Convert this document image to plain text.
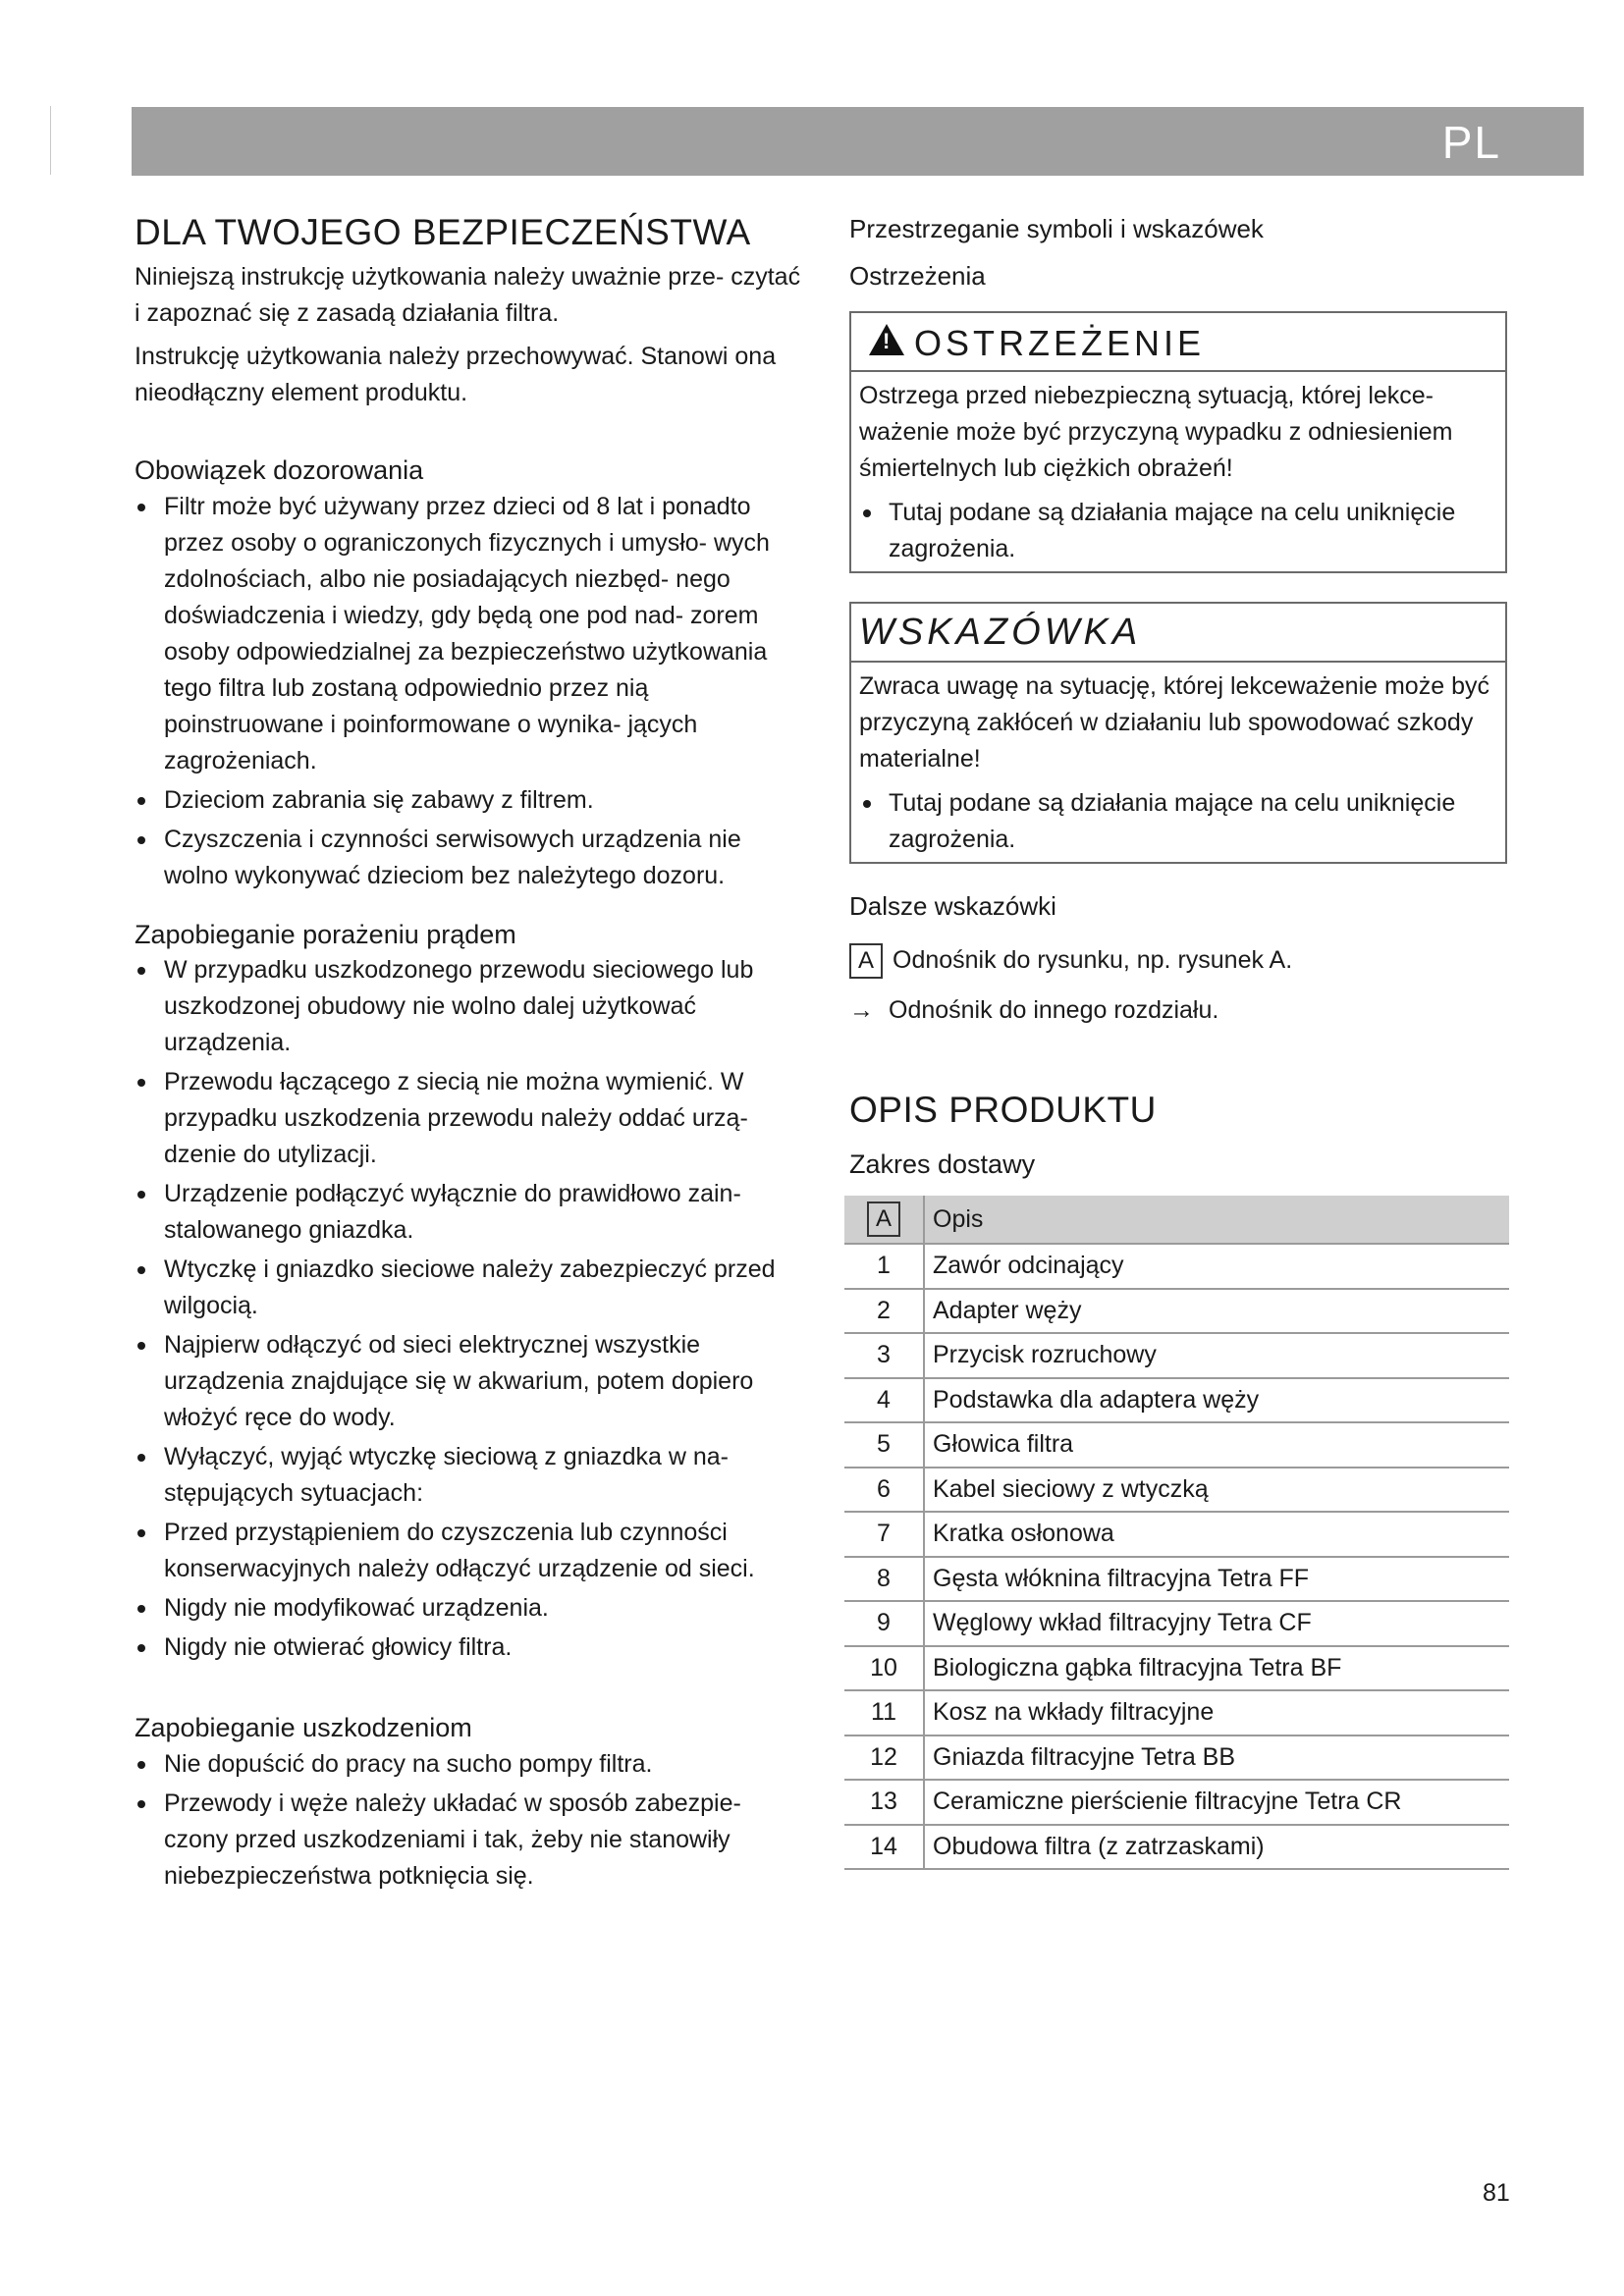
PL
DLA TWOJEGO BEZPIECZEŃSTWA

Niniejszą instrukcję użytkowania należy uważnie prze- czytać i zapoznać się z zasadą działania filtra.

Instrukcję użytkowania należy przechowywać. Stanowi ona nieodłączny element produktu.

Obowiązek dozorowania
Filtr może być używany przez dzieci od 8 lat i ponadto przez osoby o ograniczonych fizycznych i umysło- wych zdolnościach, albo nie posiadających niezbęd- nego doświadczenia i wiedzy, gdy będą one pod nad- zorem osoby odpowiedzialnej za bezpieczeństwo użytkowania tego filtra lub zostaną odpowiednio przez nią poinstruowane i poinformowane o wynika- jących zagrożeniach.
Dzieciom zabrania się zabawy z filtrem.
Czyszczenia i czynności serwisowych urządzenia nie wolno wykonywać dzieciom bez należytego dozoru.
Zapobieganie porażeniu prądem
W przypadku uszkodzonego przewodu sieciowego lub uszkodzonej obudowy nie wolno dalej użytkować urządzenia.
Przewodu łączącego z siecią nie można wymienić. W przypadku uszkodzenia przewodu należy oddać urzą- dzenie do utylizacji.
Urządzenie podłączyć wyłącznie do prawidłowo zain- stalowanego gniazdka.
Wtyczkę i gniazdko sieciowe należy zabezpieczyć przed wilgocią.
Najpierw odłączyć od sieci elektrycznej wszystkie urządzenia znajdujące się w akwarium, potem dopiero włożyć ręce do wody.
Wyłączyć, wyjąć wtyczkę sieciową z gniazdka w na- stępujących sytuacjach:
Przed przystąpieniem do czyszczenia lub czynności konserwacyjnych należy odłączyć urządzenie od sieci.
Nigdy nie modyfikować urządzenia.
Nigdy nie otwierać głowicy filtra.
Zapobieganie uszkodzeniom
Nie dopuścić do pracy na sucho pompy filtra.
Przewody i węże należy układać w sposób zabezpie- czony przed uszkodzeniami i tak, żeby nie stanowiły niebezpieczeństwa potknięcia się.
Przestrzeganie symboli i wskazówek
Ostrzeżenia
!
OSTRZEŻENIE

Ostrzega przed niebezpieczną sytuacją, której lekce- ważenie może być przyczyną wypadku z odniesieniem śmiertelnych lub ciężkich obrażeń!

Tutaj podane są działania mające na celu uniknięcie zagrożenia.
WSKAZÓWKA

Zwraca uwagę na sytuację, której lekceważenie może być przyczyną zakłóceń w działaniu lub spowodować szkody materialne!

Tutaj podane są działania mające na celu uniknięcie zagrożenia.
Dalsze wskazówki
A Odnośnik do rysunku, np. rysunek A.
→ Odnośnik do innego rozdziału.
OPIS PRODUKTU
Zakres dostawy
A	Opis
1	Zawór odcinający
2	Adapter węży
3	Przycisk rozruchowy
4	Podstawka dla adaptera węży
5	Głowica filtra
6	Kabel sieciowy z wtyczką
7	Kratka osłonowa
8	Gęsta włóknina filtracyjna Tetra FF
9	Węglowy wkład filtracyjny Tetra CF
10	Biologiczna gąbka filtracyjna Tetra BF
11	Kosz na wkłady filtracyjne
12	Gniazda filtracyjne Tetra BB
13	Ceramiczne pierścienie filtracyjne Tetra CR
14	Obudowa filtra (z zatrzaskami)
81
